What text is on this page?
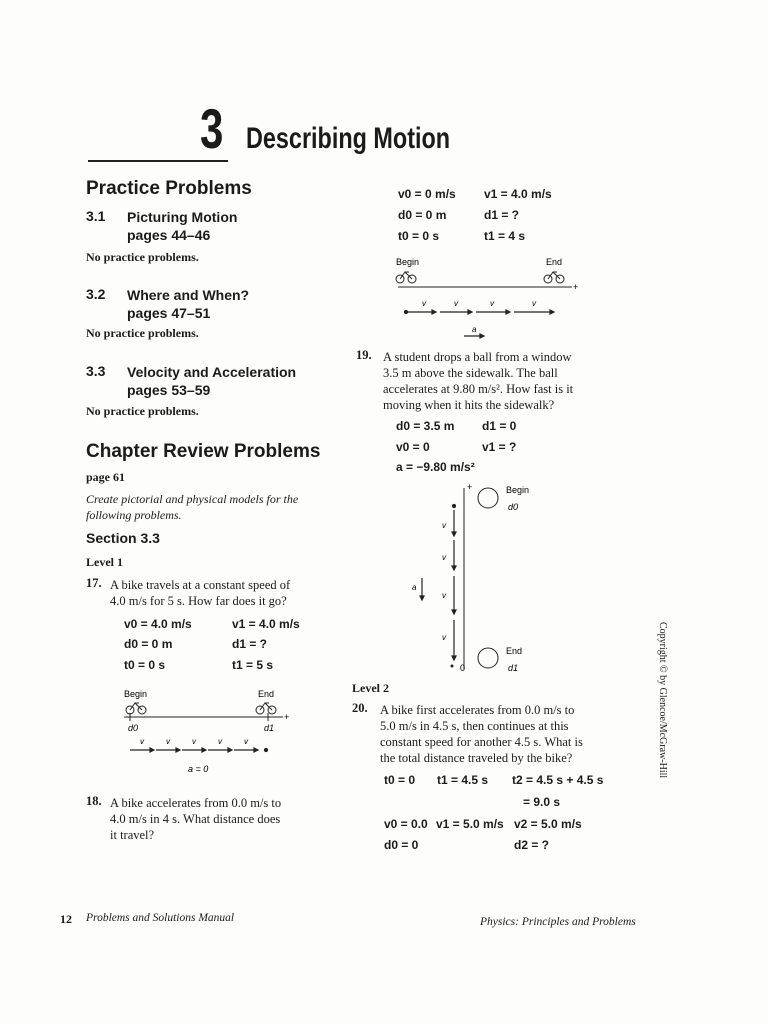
3 Describing Motion
Practice Problems
3.1 Picturing Motion
pages 44–46
No practice problems.
3.2 Where and When?
pages 47–51
No practice problems.
3.3 Velocity and Acceleration
pages 53–59
No practice problems.
Chapter Review Problems
page 61
Create pictorial and physical models for the
following problems.
Section 3.3
Level 1
17. A bike travels at a constant speed of
4.0 m/s for 5 s. How far does it go?
v0 = 4.0 m/s	v1 = 4.0 m/s
d0 = 0 m	d1 = ?
t0 = 0 s	t1 = 5 s
Begin	End
+
d0	d1
v	v	v	v	v
a = 0
18. A bike accelerates from 0.0 m/s to
4.0 m/s in 4 s. What distance does
it travel?
v0 = 0 m/s v1 = 4.0 m/s
d0 = 0 m	d1 = ?
t0 = 0 s	t1 = 4 s
Begin	End
+
v	v	v	v
a
19. A student drops a ball from a window
3.5 m above the sidewalk. The ball
accelerates at 9.80 m/s². How fast is it
moving when it hits the sidewalk?
d0 = 3.5 m d1 = 0
v0 = 0	v1 = ?
a = −9.80 m/s²
+	Begin
d0
End
d1
0
v
v
v
v
a
Level 2
20. A bike first accelerates from 0.0 m/s to
5.0 m/s in 4.5 s, then continues at this
constant speed for another 4.5 s. What is
the total distance traveled by the bike?
t0 = 0 t1 = 4.5 s t2 = 4.5 s + 4.5 s
= 9.0 s
v0 = 0.0 v1 = 5.0 m/s v2 = 5.0 m/s
d0 = 0	d2 = ?
Copyright © by Glencoe/McGraw-Hill
12 Problems and Solutions Manual	Physics: Principles and Problems
